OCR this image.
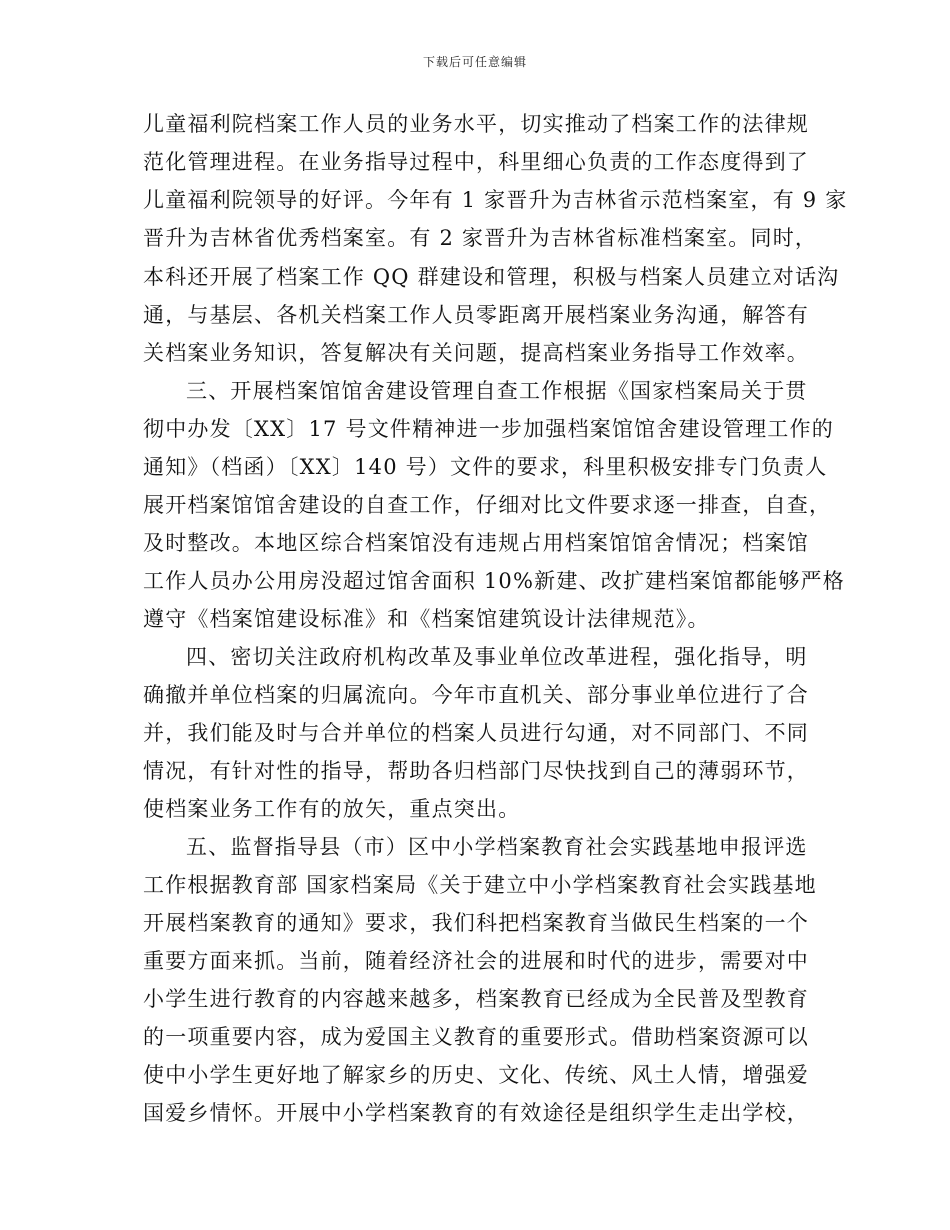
下载后可任意编辑
儿童福利院档案工作人员的业务水平，切实推动了档案工作的法律规
范化管理进程。在业务指导过程中，科里细心负责的工作态度得到了
儿童福利院领导的好评。今年有 1 家晋升为吉林省示范档案室，有 9 家
晋升为吉林省优秀档案室。有 2 家晋升为吉林省标准档案室。同时，
本科还开展了档案工作 QQ 群建设和管理，积极与档案人员建立对话沟
通，与基层、各机关档案工作人员零距离开展档案业务沟通，解答有
关档案业务知识，答复解决有关问题，提高档案业务指导工作效率。
三、开展档案馆馆舍建设管理自查工作根据《国家档案局关于贯
彻中办发〔XX〕17 号文件精神进一步加强档案馆馆舍建设管理工作的
通知》（档函）〔XX〕140 号）文件的要求，科里积极安排专门负责人
展开档案馆馆舍建设的自查工作，仔细对比文件要求逐一排查，自查，
及时整改。本地区综合档案馆没有违规占用档案馆馆舍情况；档案馆
工作人员办公用房没超过馆舍面积 10%新建、改扩建档案馆都能够严格
遵守《档案馆建设标准》和《档案馆建筑设计法律规范》。
四、密切关注政府机构改革及事业单位改革进程，强化指导，明
确撤并单位档案的归属流向。今年市直机关、部分事业单位进行了合
并，我们能及时与合并单位的档案人员进行勾通，对不同部门、不同
情况，有针对性的指导，帮助各归档部门尽快找到自己的薄弱环节，
使档案业务工作有的放矢，重点突出。
五、监督指导县（市）区中小学档案教育社会实践基地申报评选
工作根据教育部 国家档案局《关于建立中小学档案教育社会实践基地
开展档案教育的通知》要求，我们科把档案教育当做民生档案的一个
重要方面来抓。当前，随着经济社会的进展和时代的进步，需要对中
小学生进行教育的内容越来越多，档案教育已经成为全民普及型教育
的一项重要内容，成为爱国主义教育的重要形式。借助档案资源可以
使中小学生更好地了解家乡的历史、文化、传统、风土人情，增强爱
国爱乡情怀。开展中小学档案教育的有效途径是组织学生走出学校，
